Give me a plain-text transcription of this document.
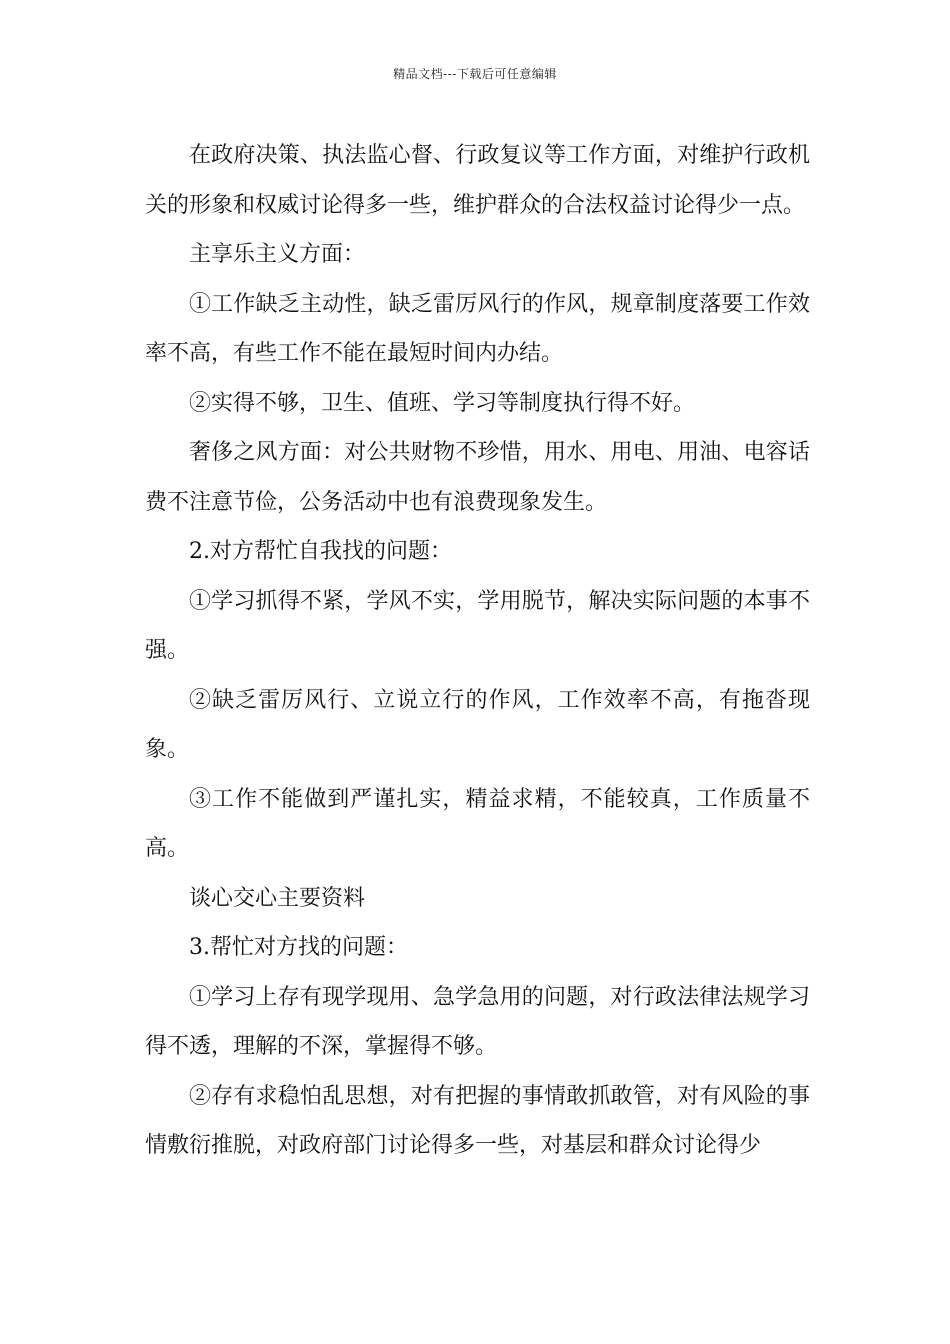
精品文档---下载后可任意编辑

在政府决策、执法监心督、行政复议等工作方面，对维护行政机关的形象和权威讨论得多一些，维护群众的合法权益讨论得少一点。

主享乐主义方面：

①工作缺乏主动性，缺乏雷厉风行的作风，规章制度落要工作效率不高，有些工作不能在最短时间内办结。

②实得不够，卫生、值班、学习等制度执行得不好。

奢侈之风方面：对公共财物不珍惜，用水、用电、用油、电容话费不注意节俭，公务活动中也有浪费现象发生。

2.对方帮忙自我找的问题：

①学习抓得不紧，学风不实，学用脱节，解决实际问题的本事不强。

②缺乏雷厉风行、立说立行的作风，工作效率不高，有拖沓现象。

③工作不能做到严谨扎实，精益求精，不能较真，工作质量不高。

谈心交心主要资料

3.帮忙对方找的问题：

①学习上存有现学现用、急学急用的问题，对行政法律法规学习得不透，理解的不深，掌握得不够。

②存有求稳怕乱思想，对有把握的事情敢抓敢管，对有风险的事情敷衍推脱，对政府部门讨论得多一些，对基层和群众讨论得少
